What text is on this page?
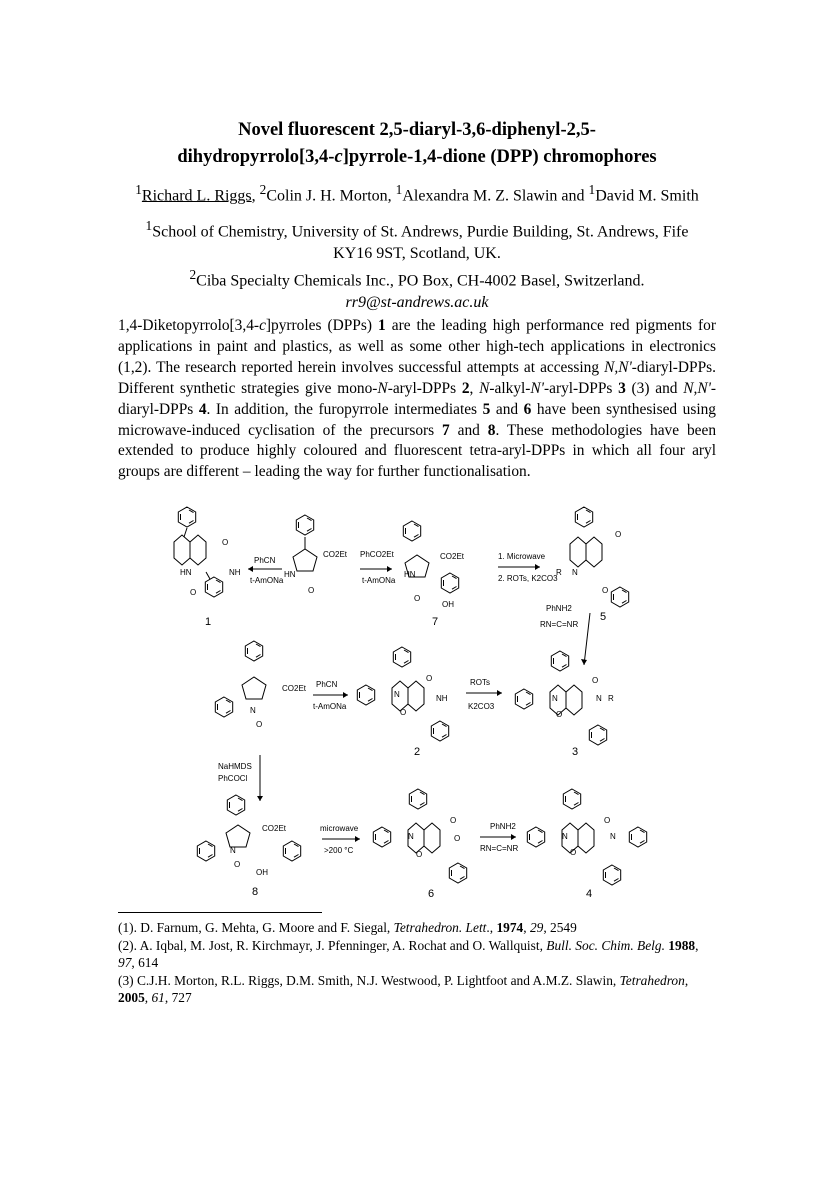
Novel fluorescent 2,5-diaryl-3,6-diphenyl-2,5-
dihydropyrrolo[3,4-c]pyrrole-1,4-dione (DPP) chromophores
$^1$Richard L. Riggs, $^2$Colin J. H. Morton, $^1$Alexandra M. Z. Slawin and $^1$David M. Smith
$^1$School of Chemistry, University of St. Andrews, Purdie Building, St. Andrews, Fife
KY16 9ST, Scotland, UK.
$^2$Ciba Specialty Chemicals Inc., PO Box, CH-4002 Basel, Switzerland.
rr9@st-andrews.ac.uk
1,4-Diketopyrrolo[3,4-c]pyrroles (DPPs) 1 are the leading high performance red pigments for applications in paint and plastics, as well as some other high-tech applications in electronics (1,2). The research reported herein involves successful attempts at accessing N,N'-diaryl-DPPs. Different synthetic strategies give mono-N-aryl-DPPs 2, N-alkyl-N'-aryl-DPPs 3 (3) and N,N'-diaryl-DPPs 4. In addition, the furopyrrole intermediates 5 and 6 have been synthesised using microwave-induced cyclisation of the precursors 7 and 8. These methodologies have been extended to produce highly coloured and fluorescent tetra-aryl-DPPs in which all four aryl groups are different – leading the way for further functionalisation.
HN	NH
O
O
1
PhCN
t-AmONa
CO2Et
HN
O
PhCO2Et
t-AmONa
CO2Et
HN
O
OH
7
1. Microwave
2. ROTs, K2CO3
R N
O
O
5
PhNH2
RN=C=NR
CO2Et
N
O
PhCN
t-AmONa
N	NH
O
O
2
ROTs
K2CO3
N	N R
O
O
3
NaHMDS
PhCOCl
CO2Et
N
O
OH
8
microwave
>200 °C
N	O
O
O
6
PhNH2
RN=C=NR
N	N
O
O
4

(1). D. Farnum, G. Mehta, G. Moore and F. Siegal, Tetrahedron. Lett., 1974, 29, 2549

(2). A. Iqbal, M. Jost, R. Kirchmayr, J. Pfenninger, A. Rochat and O. Wallquist, Bull. Soc. Chim. Belg. 1988, 97, 614

(3) C.J.H. Morton, R.L. Riggs, D.M. Smith, N.J. Westwood, P. Lightfoot and A.M.Z. Slawin, Tetrahedron, 2005, 61, 727
